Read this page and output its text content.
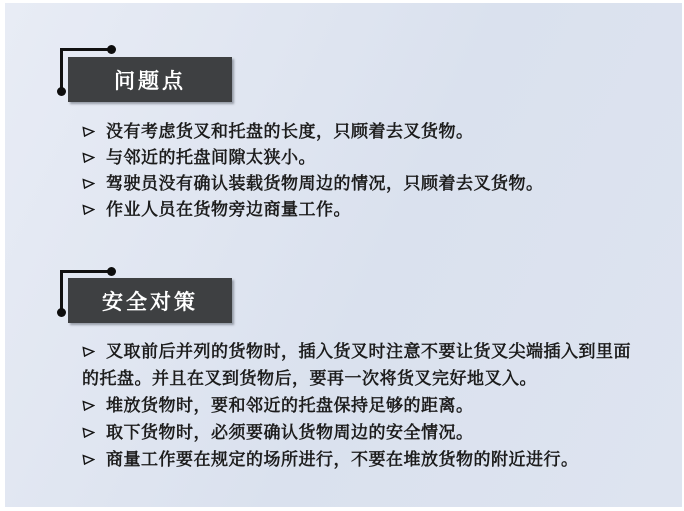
问题点
没有考虑货叉和托盘的长度，只顾着去叉货物。
与邻近的托盘间隙太狭小。
驾驶员没有确认装载货物周边的情况，只顾着去叉货物。
作业人员在货物旁边商量工作。
安全对策
叉取前后并列的货物时，插入货叉时注意不要让货叉尖端插入到里面的托盘。并且在叉到货物后，要再一次将货叉完好地叉入。
堆放货物时，要和邻近的托盘保持足够的距离。
取下货物时，必须要确认货物周边的安全情况。
商量工作要在规定的场所进行，不要在堆放货物的附近进行。
